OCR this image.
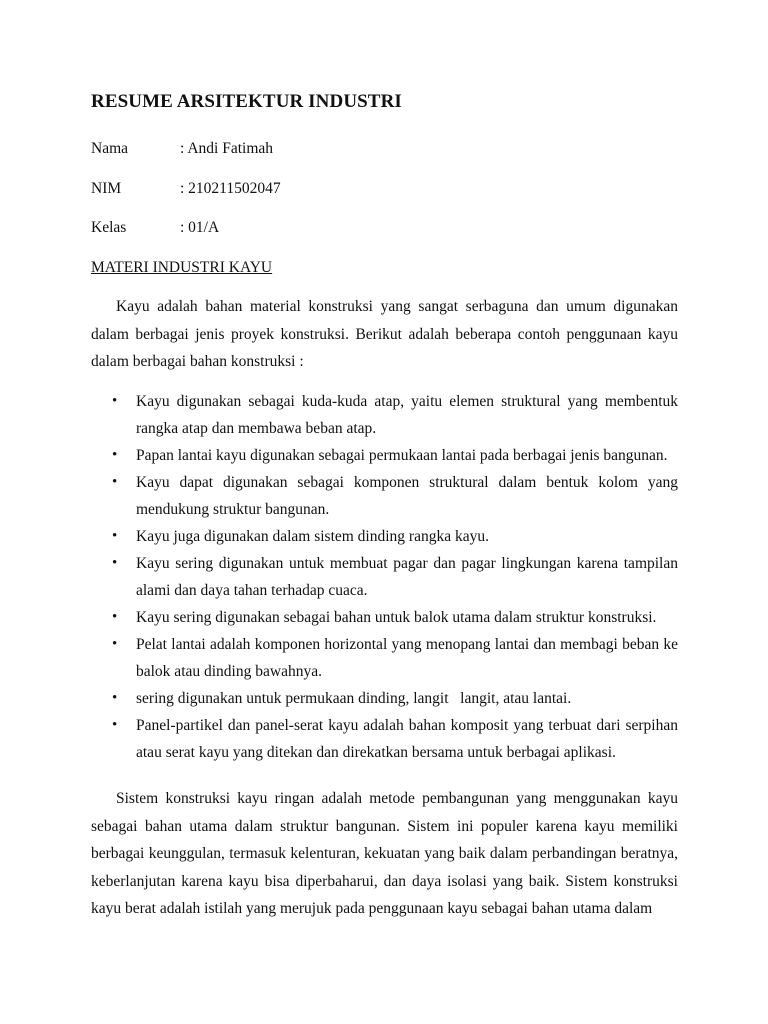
RESUME ARSITEKTUR INDUSTRI
Nama	: Andi Fatimah
NIM	: 210211502047
Kelas	: 01/A
MATERI INDUSTRI KAYU

Kayu adalah bahan material konstruksi yang sangat serbaguna dan umum digunakan dalam berbagai jenis proyek konstruksi. Berikut adalah beberapa contoh penggunaan kayu dalam berbagai bahan konstruksi :

• Kayu digunakan sebagai kuda-kuda atap, yaitu elemen struktural yang membentuk rangka atap dan membawa beban atap.
• Papan lantai kayu digunakan sebagai permukaan lantai pada berbagai jenis bangunan.
• Kayu dapat digunakan sebagai komponen struktural dalam bentuk kolom yang mendukung struktur bangunan.
• Kayu juga digunakan dalam sistem dinding rangka kayu.
• Kayu sering digunakan untuk membuat pagar dan pagar lingkungan karena tampilan alami dan daya tahan terhadap cuaca.
• Kayu sering digunakan sebagai bahan untuk balok utama dalam struktur konstruksi.
• Pelat lantai adalah komponen horizontal yang menopang lantai dan membagi beban ke balok atau dinding bawahnya.
• sering digunakan untuk permukaan dinding, langit   langit, atau lantai.
• Panel-partikel dan panel-serat kayu adalah bahan komposit yang terbuat dari serpihan atau serat kayu yang ditekan dan direkatkan bersama untuk berbagai aplikasi.

Sistem konstruksi kayu ringan adalah metode pembangunan yang menggunakan kayu sebagai bahan utama dalam struktur bangunan. Sistem ini populer karena kayu memiliki berbagai keunggulan, termasuk kelenturan, kekuatan yang baik dalam perbandingan beratnya, keberlanjutan karena kayu bisa diperbaharui, dan daya isolasi yang baik. Sistem konstruksi kayu berat adalah istilah yang merujuk pada penggunaan kayu sebagai bahan utama dalam
